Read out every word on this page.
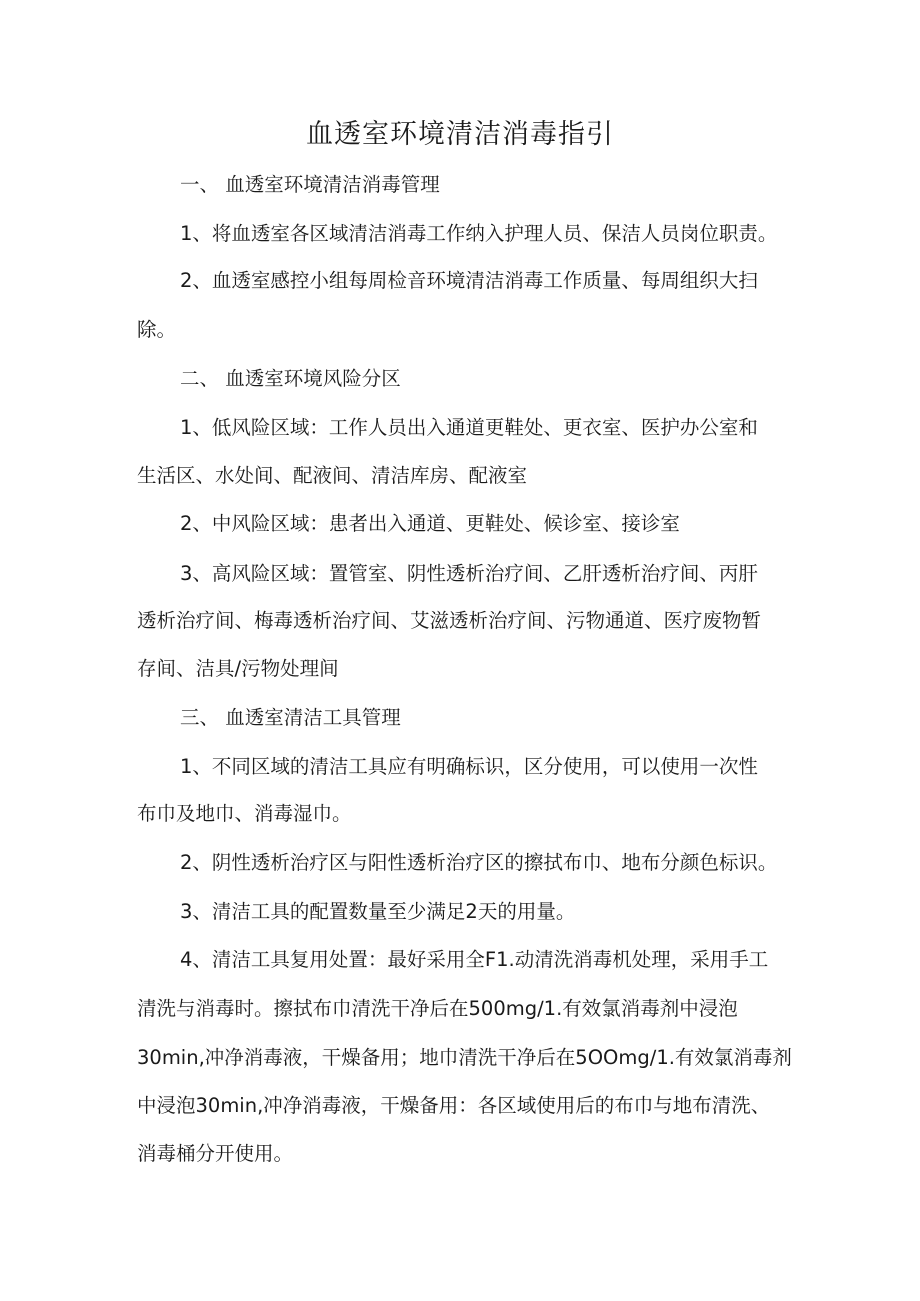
血透室环境清洁消毒指引

一、 血透室环境清洁消毒管理

1、将血透室各区域清洁消毒工作纳入护理人员、保洁人员岗位职责。

2、血透室感控小组每周检音环境清洁消毒工作质量、每周组织大扫

除。

二、 血透室环境风险分区

1、低风险区域：工作人员出入通道更鞋处、更衣室、医护办公室和

生活区、水处间、配液间、清洁库房、配液室

2、中风险区域：患者出入通道、更鞋处、候诊室、接诊室

3、高风险区域：置管室、阴性透析治疗间、乙肝透析治疗间、丙肝

透析治疗间、梅毒透析治疗间、艾滋透析治疗间、污物通道、医疗废物暂

存间、洁具/污物处理间

三、 血透室清洁工具管理

1、不同区域的清洁工具应有明确标识，区分使用，可以使用一次性

布巾及地巾、消毒湿巾。

2、阴性透析治疗区与阳性透析治疗区的擦拭布巾、地布分颜色标识。

3、清洁工具的配置数量至少满足2天的用量。

4、清洁工具复用处置：最好采用全F1.动清洗消毒机处理，采用手工

清洗与消毒时。擦拭布巾清洗干净后在500mg∕1.有效氯消毒剂中浸泡

30min,冲净消毒液，干燥备用；地巾清洗干净后在5OOmg∕1.有效氯消毒剂

中浸泡30min,冲净消毒液，干燥备用：各区域使用后的布巾与地布清洗、

消毒桶分开使用。
